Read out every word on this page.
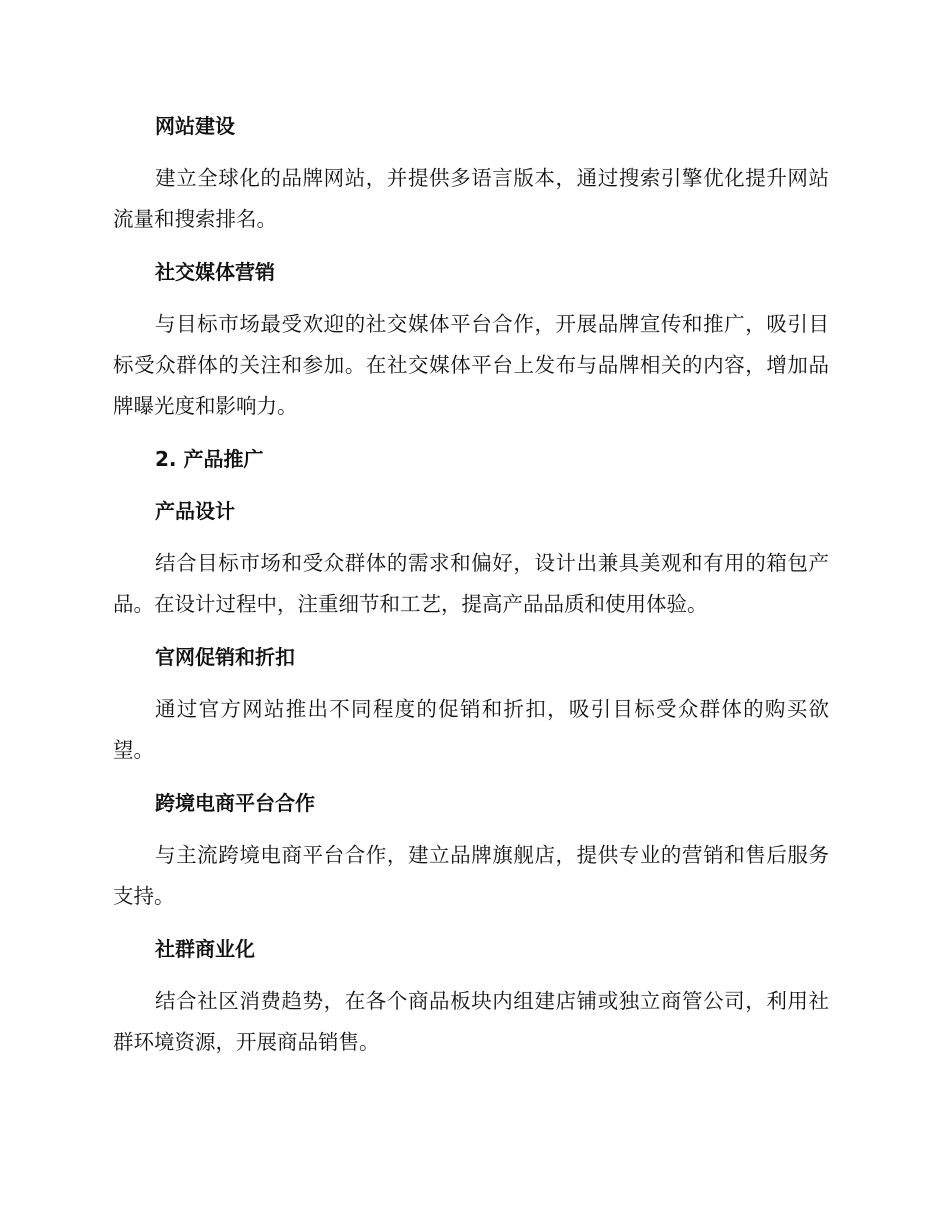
网站建设

建立全球化的品牌网站，并提供多语言版本，通过搜索引擎优化提升网站流量和搜索排名。

社交媒体营销

与目标市场最受欢迎的社交媒体平台合作，开展品牌宣传和推广，吸引目标受众群体的关注和参加。在社交媒体平台上发布与品牌相关的内容，增加品牌曝光度和影响力。

2. 产品推广
产品设计

结合目标市场和受众群体的需求和偏好，设计出兼具美观和有用的箱包产品。在设计过程中，注重细节和工艺，提高产品品质和使用体验。

官网促销和折扣

通过官方网站推出不同程度的促销和折扣，吸引目标受众群体的购买欲望。

跨境电商平台合作

与主流跨境电商平台合作，建立品牌旗舰店，提供专业的营销和售后服务支持。

社群商业化

结合社区消费趋势，在各个商品板块内组建店铺或独立商管公司，利用社群环境资源，开展商品销售。
